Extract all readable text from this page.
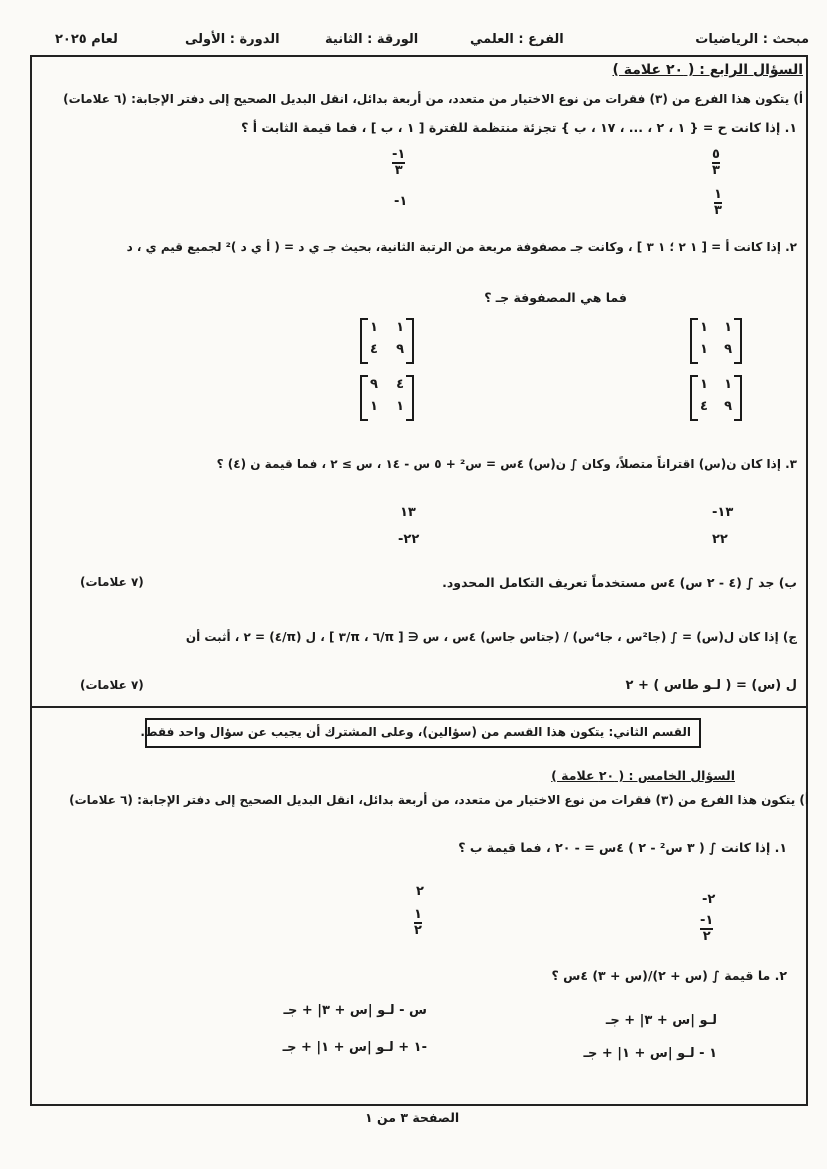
مبحث : الرياضيات
الفرع : العلمي
الورقة : الثانية
الدورة : الأولى
لعام ٢٠٢٥
السؤال الرابع : ( ٢٠ علامة )
أ) يتكون هذا الفرع من (٣) فقرات من نوع الاختيار من متعدد، من أربعة بدائل، انقل البديل الصحيح إلى دفتر الإجابة: (٦ علامات)
١. إذا كانت ح = { ١ ، ٢ ، ... ، ١٧ ، ب } تجزئة منتظمة للفترة [ ١ ، ب ] ، فما قيمة الثابت أ ؟
$\frac{٥}{٣}$
$\frac{-١}{٣}$
$\frac{١}{٣}$
-١
٢. إذا كانت أ = [ ١ ٢ ؛ ١ ٣ ] ، وكانت جـ مصفوفة مربعة من الرتبة الثانية، بحيث جـ ي د = ( أ ي د )² لجميع قيم ي ، د
فما هي المصفوفة جـ ؟
١
١
٩
١
١
١
٩
٤
١
١
٩
٤
٤
٩
١
١
٣. إذا كان ن(س) اقتراناً متصلاً، وكان ∫ ن(س) ٤س = س² + ٥ س - ١٤ ، س ≥ ٢ ، فما قيمة ن (٤) ؟
-١٣
١٣
٢٢
-٢٢
ب) جد ∫ (٤ - ٢ س) ٤س مستخدماً تعريف التكامل المحدود.
(٧ علامات)
ج) إذا كان ل(س) = ∫ (جا²س ، جا⁴س) / (جتاس جاس) ٤س ، س ∈ [ π/٦ ، π/٣ ] ، ل (π/٤) = ٢ ، أثبت أن
ل (س) = ( لـو طاس ) + ٢
(٧ علامات)
القسم الثاني: يتكون هذا القسم من (سؤالين)، وعلى المشترك أن يجيب عن سؤال واحد فقط.
السؤال الخامس : ( ٢٠ علامة )
أ) يتكون هذا الفرع من (٣) فقرات من نوع الاختيار من متعدد، من أربعة بدائل، انقل البديل الصحيح إلى دفتر الإجابة: (٦ علامات)
١. إذا كانت ∫ ( ٣ س² - ٢ ) ٤س = - ٢٠ ، فما قيمة ب ؟
-٢
٢
$\frac{-١}{٢}$
$\frac{١}{٢}$
٢. ما قيمة ∫ (س + ٢)/(س + ٣) ٤س ؟
لـو |س + ٣| + جـ
س - لـو |س + ٣| + جـ
١ - لـو |س + ١| + جـ
-١ + لـو |س + ١| + جـ
الصفحة ٣ من ١
